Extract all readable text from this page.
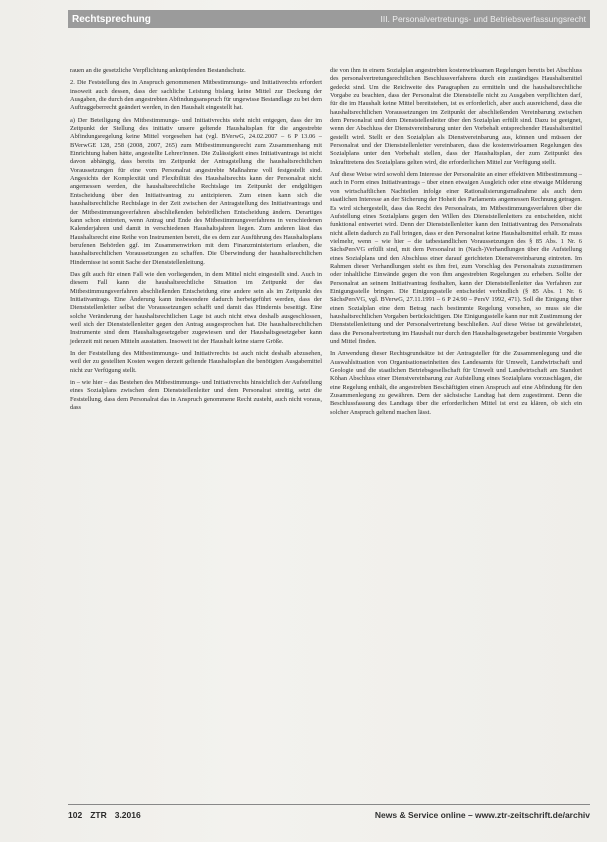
Rechtsprechung	III. Personalvertretungs- und Betriebsverfassungsrecht

rauen an die gesetzliche Verpflichtung anknüpfenden Bestandschutz.

2. Die Feststellung des in Anspruch genommenen Mitbestimmungs- und Initiativrechts erfordert insoweit auch dessen, dass der sachliche Leistung bislang keine Mittel zur Deckung der Ausgaben, die durch den angestrebten Abfindungsanspruch für ungewisse Bestandlage zu bei dem Auftraggeberrecht geändert werden, in den Haushalt eingestellt hat.

a) Der Beteiligung des Mitbestimmungs- und Initiativrechts steht nicht entgegen, dass der im Zeitpunkt der Stellung des initiativ unsere geltende Haushaltsplan für die angestrebte Abfindungsregelung keine Mittel vorgesehen hat (vgl. BVerwG, 24.02.2007 – 6 P 13.06 – BVerwGE 128, 258 (2008, 2007, 265) zum Mitbestimmungsrecht zum Zusammenhang mit Einrichtung haben hätte, angestellte Lehrer/innen. Die Zulässigkeit eines Initiativantrags ist nicht davon abhängig, dass bereits im Zeitpunkt der Antragstellung die haushaltsrechtlichen Voraussetzungen für eine vom Personalrat angestrebte Maßnahme voll festgestellt sind. Angesichts der Komplexität und Flexibilität des Haushaltsrechts kann der Personalrat nicht angemessen werden, die haushaltsrechtliche Rechtslage im Zeitpunkt der endgültigen Entscheidung über den Initiativantrag zu antizipieren. Zum einen kann sich die haushaltsrechtliche Rechtslage in der Zeit zwischen der Antragstellung des Initiativantrags und der Mitbestimmungsverfahren abschließenden behördlichen Entscheidung ändern. Derartiges kann schon eintreten, wenn Antrag und Ende des Mitbestimmungsverfahrens in verschiedenen Kalenderjahren und damit in verschiedenen Haushaltsjahren liegen. Zum anderen lässt das Haushaltsrecht eine Reihe von Instrumenten bereit, die es dem zur Ausführung des Haushaltsplans berufenen Behörden ggf. im Zusammenwirken mit dem Finanzministerium erlauben, die haushaltsrechtlichen Voraussetzungen zu schaffen. Die Überwindung der haushaltsrechtlichen Hindernisse ist somit Sache der Dienststellenleitung.

Das gilt auch für einen Fall wie den vorliegenden, in dem Mittel nicht eingestellt sind. Auch in diesem Fall kann die haushaltsrechtliche Situation im Zeitpunkt der das Mitbestimmungsverfahren abschließenden Entscheidung eine andere sein als im Zeitpunkt des Initiativantrags. Eine Änderung kann insbesondere dadurch herbeigeführt werden, dass der Dienststellenleiter selbst die Voraussetzungen schafft und damit das Hindernis beseitigt. Eine solche Veränderung der haushaltsrechtlichen Lage ist auch nicht etwa deshalb ausgeschlossen, weil sich der Dienststellenleiter gegen den Antrag ausgesprochen hat. Die haushaltsrechtlichen Instrumente sind dem Haushaltsgesetzgeber zugewiesen und der Haushaltsgesetzgeber kann jederzeit mit neuen Mitteln ausstatten. Insoweit ist der Haushalt keine starre Größe.

In der Feststellung des Mitbestimmungs- und Initiativrechts ist auch nicht deshalb abzusehen, weil der zu gestellten Kosten wegen derzeit geltende Haushaltsplan die benötigten Ausgabemittel nicht zur Verfügung stellt.

in – wie hier – das Bestehen des Mitbestimmungs- und Initiativrechts hinsichtlich der Aufstellung eines Sozialplans zwischen dem Dienststellenleiter und dem Personalrat streitig, setzt die Feststellung, dass dem Personalrat das in Anspruch genommene Recht zusteht, auch nicht voraus, dass

die von ihm in einem Sozialplan angestrebten kostenwirksamen Regelungen bereits bei Abschluss des personalvertretungsrechtlichen Beschlussverfahrens durch ein zuständiges Haushaltsmittel gedeckt sind. Um die Reichweite des Paragraphen zu ermitteln und die haushaltsrechtliche Vorgabe zu beachten, dass der Personalrat die Dienststelle nicht zu Ausgaben verpflichten darf, für die im Haushalt keine Mittel bereitstehen, ist es erforderlich, aber auch ausreichend, dass die haushaltsrechtlichen Voraussetzungen im Zeitpunkt der abschließenden Vereinbarung zwischen dem Personalrat und dem Dienststellenleiter über den Sozialplan erfüllt sind. Dazu ist geeignet, wenn der Abschluss der Dienstvereinbarung unter den Vorbehalt entsprechender Haushaltsmittel gestellt wird. Stellt er den Sozialplan als Dienstvereinbarung aus, können und müssen der Personalrat und der Dienststellenleiter vereinbaren, dass die kostenwirksamen Regelungen des Sozialplans unter den Vorbehalt stellen, dass der Haushaltsplan, der zum Zeitpunkt des Inkrafttretens des Sozialplans gelten wird, die erforderlichen Mittel zur Verfügung stellt.

Auf diese Weise wird sowohl dem Interesse der Personalräte an einer effektiven Mitbestimmung – auch in Form eines Initiativantrags – über einen etwaigen Ausgleich oder eine etwaige Milderung von wirtschaftlichen Nachteilen infolge einer Rationalisierungsmaßnahme als auch dem staatlichen Interesse an der Sicherung der Hoheit des Parlaments angemessen Rechnung getragen. Es wird sichergestellt, dass das Recht des Personalrats, im Mitbestimmungsverfahren über die Aufstellung eines Sozialplans gegen den Willen des Dienststellenleiters zu entscheiden, nicht funktional entwertet wird. Denn der Dienststellenleiter kann den Initiativantrag des Personalrats nicht allein dadurch zu Fall bringen, dass er den Personalrat keine Haushaltsmittel erhält. Er muss vielmehr, wenn – wie hier – die tatbestandlichen Voraussetzungen des § 85 Abs. 1 Nr. 6 SächsPersVG erfüllt sind, mit dem Personalrat in (Nach-)Verhandlungen über die Aufstellung eines Sozialplans und den Abschluss einer darauf gerichteten Dienstvereinbarung eintreten. Im Rahmen dieser Verhandlungen steht es ihm frei, zum Vorschlag des Personalrats zuzustimmen oder inhaltliche Einwände gegen die von ihm angestrebten Regelungen zu erheben. Sollte der Personalrat an seinem Initiativantrag festhalten, kann der Dienststellenleiter das Verfahren zur Einigungsstelle bringen. Die Einigungsstelle entscheidet verbindlich (§ 85 Abs. 1 Nr. 6 SächsPersVG, vgl. BVerwG, 27.11.1991 – 6 P 24.90 – PersV 1992, 471). Soll die Einigung über einen Sozialplan eine dem Betrag nach bestimmte Regelung vorsehen, so muss sie die haushaltsrechtlichen Vorgaben berücksichtigen. Die Einigungsstelle kann nur mit Zustimmung der Dienststellenleitung und der Personalvertretung beschließen. Auf diese Weise ist gewährleistet, dass die Personalvertretung im Haushalt nur durch den Haushaltsgesetzgeber bestimmte Vorgaben und Mittel finden.

In Anwendung dieser Rechtsgrundsätze ist der Antragsteller für die Zusammenlegung und die Auswahlsituation von Organisationseinheiten des Landesamts für Umwelt, Landwirtschaft und Geologie und die staatlichen Betriebsgesellschaft für Umwelt und Landwirtschaft am Standort Köhan Abschluss einer Dienstvereinbarung zur Aufstellung eines Sozialplans vorzuschlagen, die eine Regelung enthält, die angestrebten Beschäftigten einen Anspruch auf eine Abfindung für den Zusammenlegung zu gewähren. Dem der sächsische Landtag hat dem zugestimmt. Denn die Beschlussfassung des Landtags über die erforderlichen Mittel ist erst zu klären, ob sich ein solcher Anspruch geltend machen lässt.

102 ZTR 3.2016	News & Service online – www.ztr-zeitschrift.de/archiv
